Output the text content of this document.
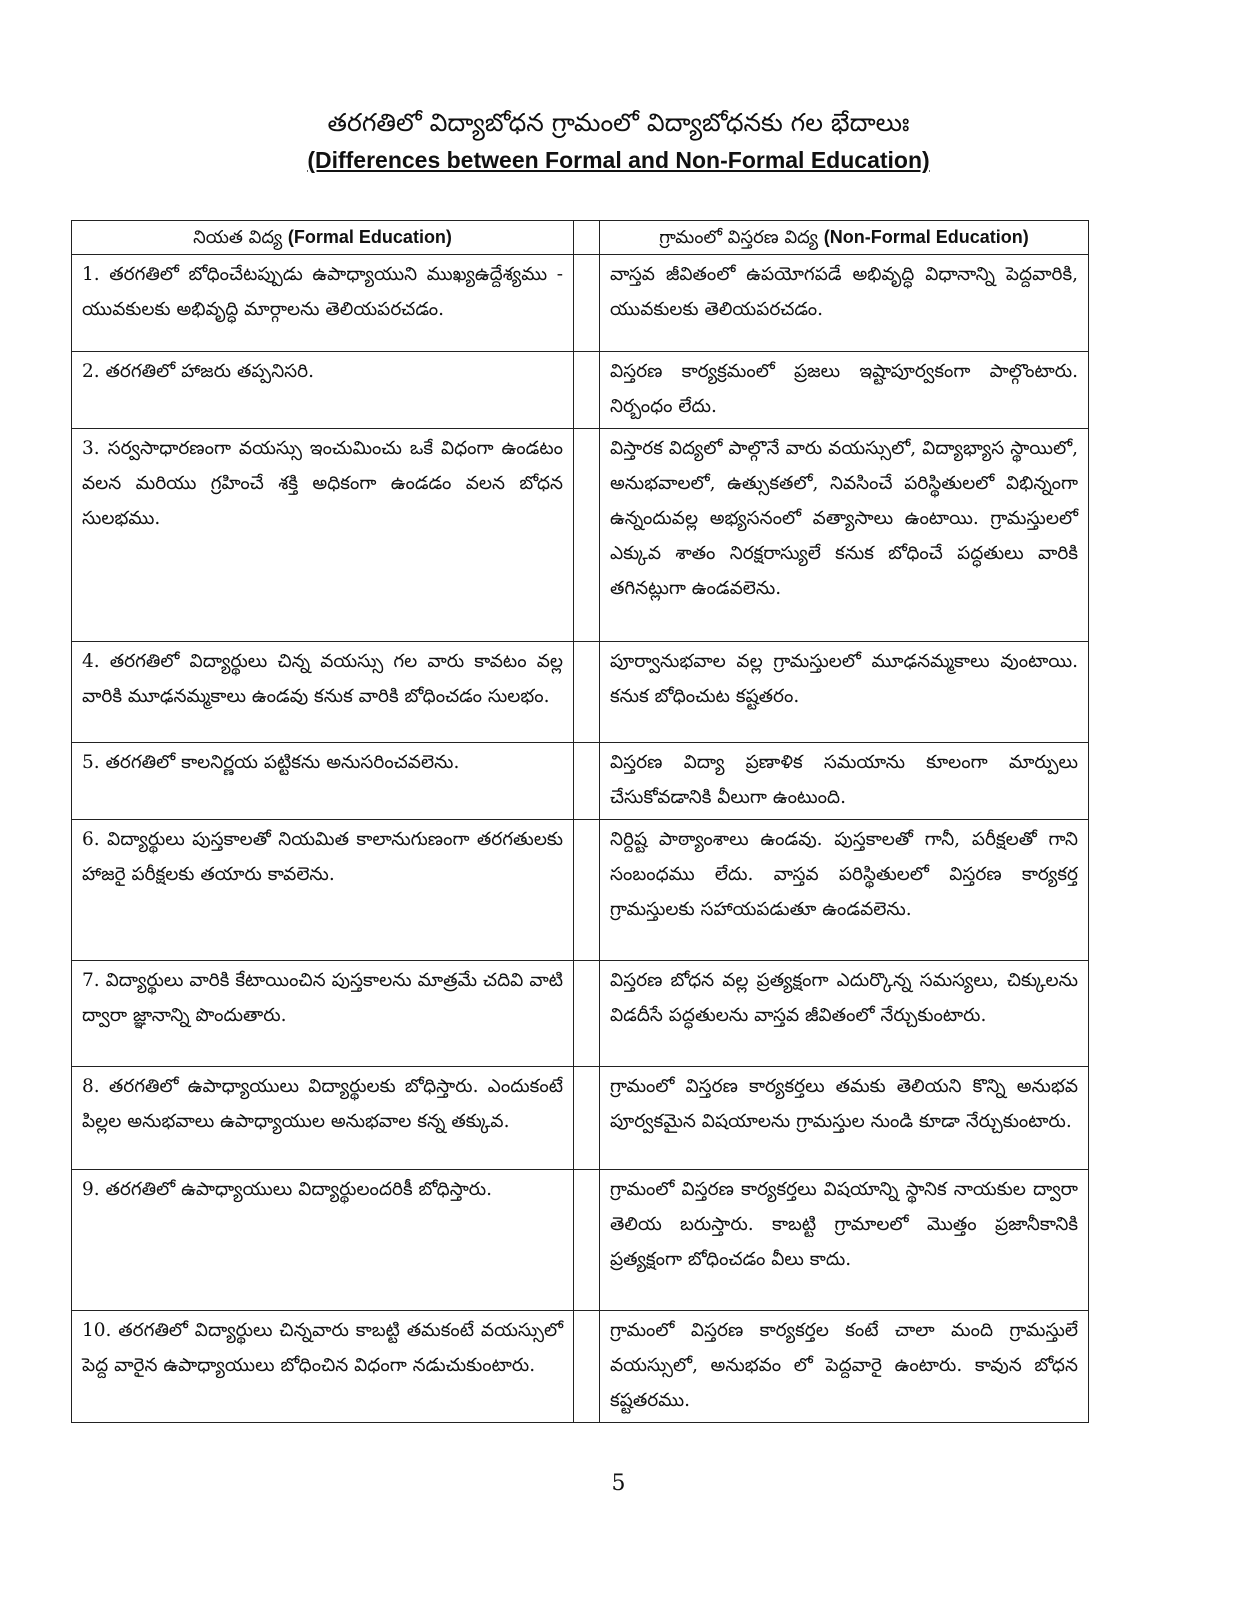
తరగతిలో విద్యాబోధన గ్రామంలో విద్యాబోధనకు గల భేదాలుః
(Differences between Formal and Non-Formal Education)
నియత విద్య (Formal Education)		గ్రామంలో విస్తరణ విద్య (Non-Formal Education)
1. తరగతిలో బోధించేటప్పుడు ఉపాధ్యాయుని ముఖ్యఉద్దేశ్యము - యువకులకు అభివృద్ధి మార్గాలను తెలియపరచడం.		వాస్తవ జీవితంలో ఉపయోగపడే అభివృద్ధి విధానాన్ని పెద్దవారికి, యువకులకు తెలియపరచడం.
2. తరగతిలో హాజరు తప్పనిసరి.		విస్తరణ కార్యక్రమంలో ప్రజలు ఇష్టాపూర్వకంగా పాల్గొంటారు. నిర్బంధం లేదు.
3. సర్వసాధారణంగా వయస్సు ఇంచుమించు ఒకే విధంగా ఉండటం వలన మరియు గ్రహించే శక్తి అధికంగా ఉండడం వలన బోధన సులభము.		విస్తారక విద్యలో పాల్గొనే వారు వయస్సులో, విద్యాభ్యాస స్థాయిలో, అనుభవాలలో, ఉత్సుకతలో, నివసించే పరిస్థితులలో విభిన్నంగా ఉన్నందువల్ల అభ్యసనంలో వత్యాసాలు ఉంటాయి. గ్రామస్తులలో ఎక్కువ శాతం నిరక్షరాస్యులే కనుక బోధించే పద్ధతులు వారికి తగినట్లుగా ఉండవలెను.
4. తరగతిలో విద్యార్థులు చిన్న వయస్సు గల వారు కావటం వల్ల వారికి మూఢనమ్మకాలు ఉండవు కనుక వారికి బోధించడం సులభం.		పూర్వానుభవాల వల్ల గ్రామస్తులలో మూఢనమ్మకాలు వుంటాయి. కనుక బోధించుట కష్టతరం.
5. తరగతిలో కాలనిర్ణయ పట్టికను అనుసరించవలెను.		విస్తరణ విద్యా ప్రణాళిక సమయాను కూలంగా మార్పులు చేసుకోవడానికి వీలుగా ఉంటుంది.
6. విద్యార్థులు పుస్తకాలతో నియమిత కాలానుగుణంగా తరగతులకు హాజరై పరీక్షలకు తయారు కావలెను.		నిర్దిష్ట పాఠ్యాంశాలు ఉండవు. పుస్తకాలతో గానీ, పరీక్షలతో గాని సంబంధము లేదు. వాస్తవ పరిస్థితులలో విస్తరణ కార్యకర్త గ్రామస్తులకు సహాయపడుతూ ఉండవలెను.
7. విద్యార్థులు వారికి కేటాయించిన పుస్తకాలను మాత్రమే చదివి వాటి ద్వారా జ్ఞానాన్ని పొందుతారు.		విస్తరణ బోధన వల్ల ప్రత్యక్షంగా ఎదుర్కొన్న సమస్యలు, చిక్కులను విడదీసే పద్ధతులను వాస్తవ జీవితంలో నేర్చుకుంటారు.
8. తరగతిలో ఉపాధ్యాయులు విద్యార్థులకు బోధిస్తారు. ఎందుకంటే పిల్లల అనుభవాలు ఉపాధ్యాయుల అనుభవాల కన్న తక్కువ.		గ్రామంలో విస్తరణ కార్యకర్తలు తమకు తెలియని కొన్ని అనుభవ పూర్వకమైన విషయాలను గ్రామస్తుల నుండి కూడా నేర్చుకుంటారు.
9. తరగతిలో ఉపాధ్యాయులు విద్యార్థులందరికీ బోధిస్తారు.		గ్రామంలో విస్తరణ కార్యకర్తలు విషయాన్ని స్థానిక నాయకుల ద్వారా తెలియ బరుస్తారు. కాబట్టి గ్రామాలలో మొత్తం ప్రజానీకానికి ప్రత్యక్షంగా బోధించడం వీలు కాదు.
10. తరగతిలో విద్యార్థులు చిన్నవారు కాబట్టి తమకంటే వయస్సులో పెద్ద వారైన ఉపాధ్యాయులు బోధించిన విధంగా నడుచుకుంటారు.		గ్రామంలో విస్తరణ కార్యకర్తల కంటే చాలా మంది గ్రామస్తులే వయస్సులో, అనుభవం లో పెద్దవారై ఉంటారు. కావున బోధన కష్టతరము.
5
